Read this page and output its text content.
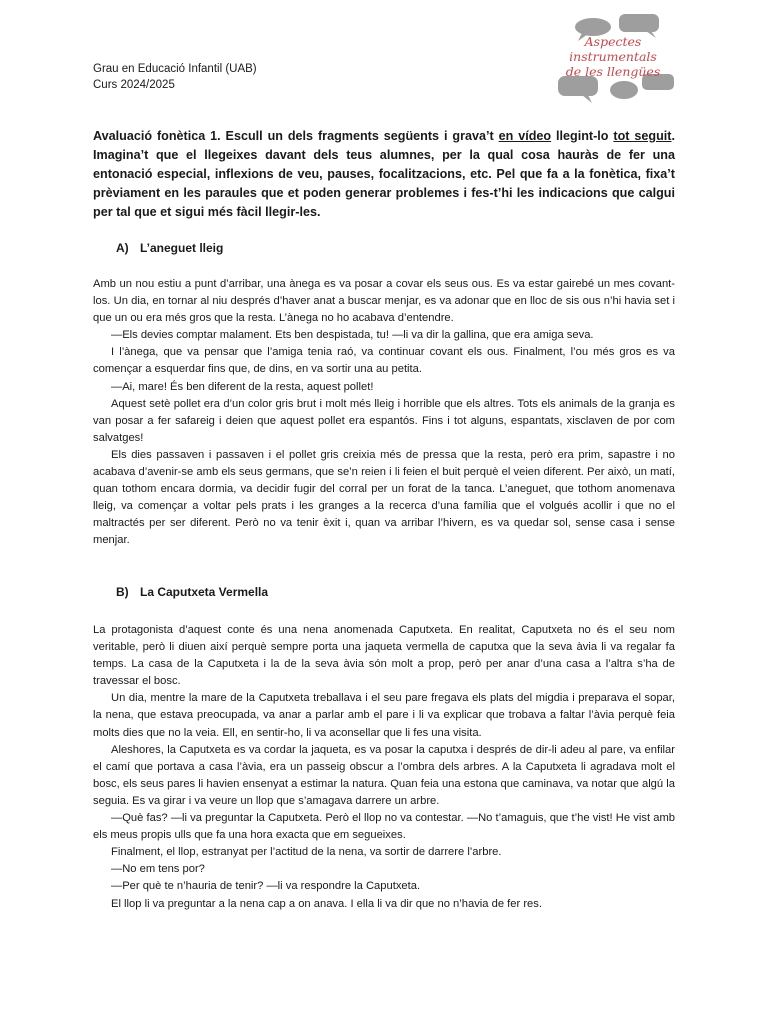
Grau en Educació Infantil (UAB)
Curs 2024/2025
Aspectes instrumentals
de les llengües
Avaluació fonètica 1. Escull un dels fragments següents i grava’t en vídeo llegint-lo tot seguit. Imagina’t que el llegeixes davant dels teus alumnes, per la qual cosa hauràs de fer una entonació especial, inflexions de veu, pauses, focalitzacions, etc. Pel que fa a la fonètica, fixa’t prèviament en les paraules que et poden generar problemes i fes-t’hi les indicacions que calgui per tal que et sigui més fàcil llegir-les.
A) L’aneguet lleig

Amb un nou estiu a punt d’arribar, una ànega es va posar a covar els seus ous. Es va estar gairebé un mes covant-los. Un dia, en tornar al niu després d’haver anat a buscar menjar, es va adonar que en lloc de sis ous n’hi havia set i que un ou era més gros que la resta. L’ànega no ho acabava d’entendre.

—Els devies comptar malament. Ets ben despistada, tu! —li va dir la gallina, que era amiga seva.

I l’ànega, que va pensar que l’amiga tenia raó, va continuar covant els ous. Finalment, l’ou més gros es va començar a esquerdar fins que, de dins, en va sortir una au petita.

—Ai, mare! És ben diferent de la resta, aquest pollet!

Aquest setè pollet era d’un color gris brut i molt més lleig i horrible que els altres. Tots els animals de la granja es van posar a fer safareig i deien que aquest pollet era espantós. Fins i tot alguns, espantats, xisclaven de por com salvatges!

Els dies passaven i passaven i el pollet gris creixia més de pressa que la resta, però era prim, sapastre i no acabava d’avenir-se amb els seus germans, que se’n reien i li feien el buit perquè el veien diferent. Per això, un matí, quan tothom encara dormia, va decidir fugir del corral per un forat de la tanca. L’aneguet, que tothom anomenava lleig, va començar a voltar pels prats i les granges a la recerca d’una família que el volgués acollir i que no el maltractés per ser diferent. Però no va tenir èxit i, quan va arribar l’hivern, es va quedar sol, sense casa i sense menjar.

B) La Caputxeta Vermella

La protagonista d’aquest conte és una nena anomenada Caputxeta. En realitat, Caputxeta no és el seu nom veritable, però li diuen així perquè sempre porta una jaqueta vermella de caputxa que la seva àvia li va regalar fa temps. La casa de la Caputxeta i la de la seva àvia són molt a prop, però per anar d’una casa a l’altra s’ha de travessar el bosc.

Un dia, mentre la mare de la Caputxeta treballava i el seu pare fregava els plats del migdia i preparava el sopar, la nena, que estava preocupada, va anar a parlar amb el pare i li va explicar que trobava a faltar l’àvia perquè feia molts dies que no la veia. Ell, en sentir-ho, li va aconsellar que li fes una visita.

Aleshores, la Caputxeta es va cordar la jaqueta, es va posar la caputxa i després de dir-li adeu al pare, va enfilar el camí que portava a casa l’àvia, era un passeig obscur a l’ombra dels arbres. A la Caputxeta li agradava molt el bosc, els seus pares li havien ensenyat a estimar la natura. Quan feia una estona que caminava, va notar que algú la seguia. Es va girar i va veure un llop que s’amagava darrere un arbre.

—Què fas? —li va preguntar la Caputxeta. Però el llop no va contestar. —No t’amaguis, que t’he vist! He vist amb els meus propis ulls que fa una hora exacta que em segueixes.

Finalment, el llop, estranyat per l’actitud de la nena, va sortir de darrere l’arbre.

—No em tens por?

—Per què te n’hauria de tenir? —li va respondre la Caputxeta.

El llop li va preguntar a la nena cap a on anava. I ella li va dir que no n’havia de fer res.
